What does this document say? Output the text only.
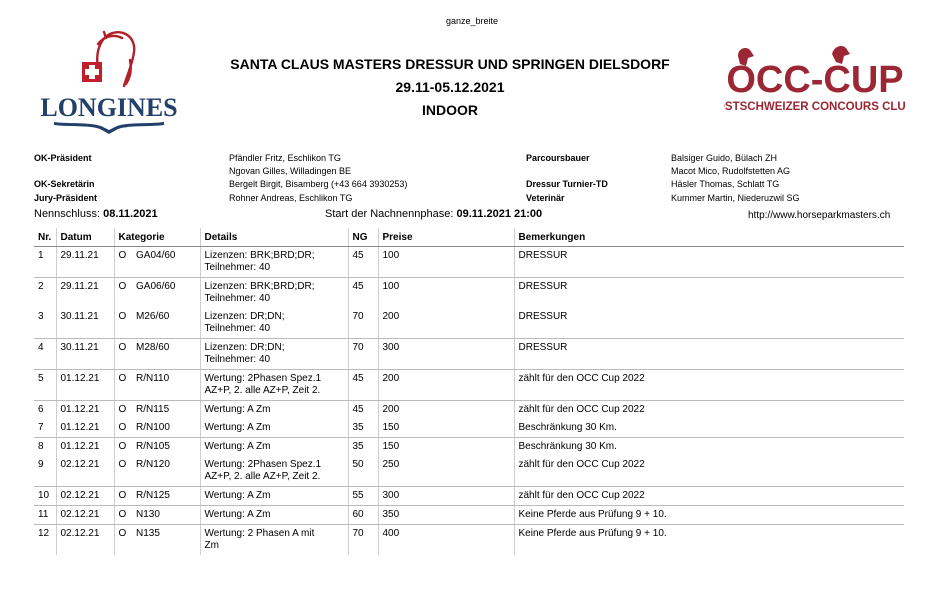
ganze_breite
LONGINES
OCC-CUP
OSTSCHWEIZER CONCOURS CLUB
SANTA CLAUS MASTERS DRESSUR UND SPRINGEN DIELSDORF
29.11-05.12.2021
INDOOR
OK-Präsident	Pfändler Fritz, Eschlikon TG
Ngovan Gilles, Willadingen BE
OK-Sekretärin	Bergelt Birgit, Bisamberg (+43 664 3930253)
Jury-Präsident	Rohner Andreas, Eschlikon TG
Parcoursbauer	Balsiger Guido, Bülach ZH
Macot Mico, Rudolfstetten AG
Dressur Turnier-TD	Häsler Thomas, Schlatt TG
Veterinär	Kummer Martin, Niederuzwil SG
Nennschluss: 08.11.2021	Start der Nachnennphase: 09.11.2021 21:00	http://www.horseparkmasters.ch
Nr.	Datum	Kategorie		Details	NG	Preise	Bemerkungen
1	29.11.21	O	GA04/60	Lizenzen: BRK;BRD;DR;
Teilnehmer: 40	45	100	DRESSUR
2	29.11.21	O	GA06/60	Lizenzen: BRK;BRD;DR;
Teilnehmer: 40	45	100	DRESSUR
3	30.11.21	O	M26/60	Lizenzen: DR;DN;
Teilnehmer: 40	70	200	DRESSUR
4	30.11.21	O	M28/60	Lizenzen: DR;DN;
Teilnehmer: 40	70	300	DRESSUR
5	01.12.21	O	R/N110	Wertung: 2Phasen Spez.1
AZ+P, 2. alle AZ+P, Zeit 2.	45	200	zählt für den OCC Cup 2022
6	01.12.21	O	R/N115	Wertung: A Zm	45	200	zählt für den OCC Cup 2022
7	01.12.21	O	R/N100	Wertung: A Zm	35	150	Beschränkung 30 Km.
8	01.12.21	O	R/N105	Wertung: A Zm	35	150	Beschränkung 30 Km.
9	02.12.21	O	R/N120	Wertung: 2Phasen Spez.1
AZ+P, 2. alle AZ+P, Zeit 2.	50	250	zählt für den OCC Cup 2022
10	02.12.21	O	R/N125	Wertung: A Zm	55	300	zählt für den OCC Cup 2022
11	02.12.21	O	N130	Wertung: A Zm	60	350	Keine Pferde aus Prüfung 9 + 10.
12	02.12.21	O	N135	Wertung: 2 Phasen A mit
Zm	70	400	Keine Pferde aus Prüfung 9 + 10.
